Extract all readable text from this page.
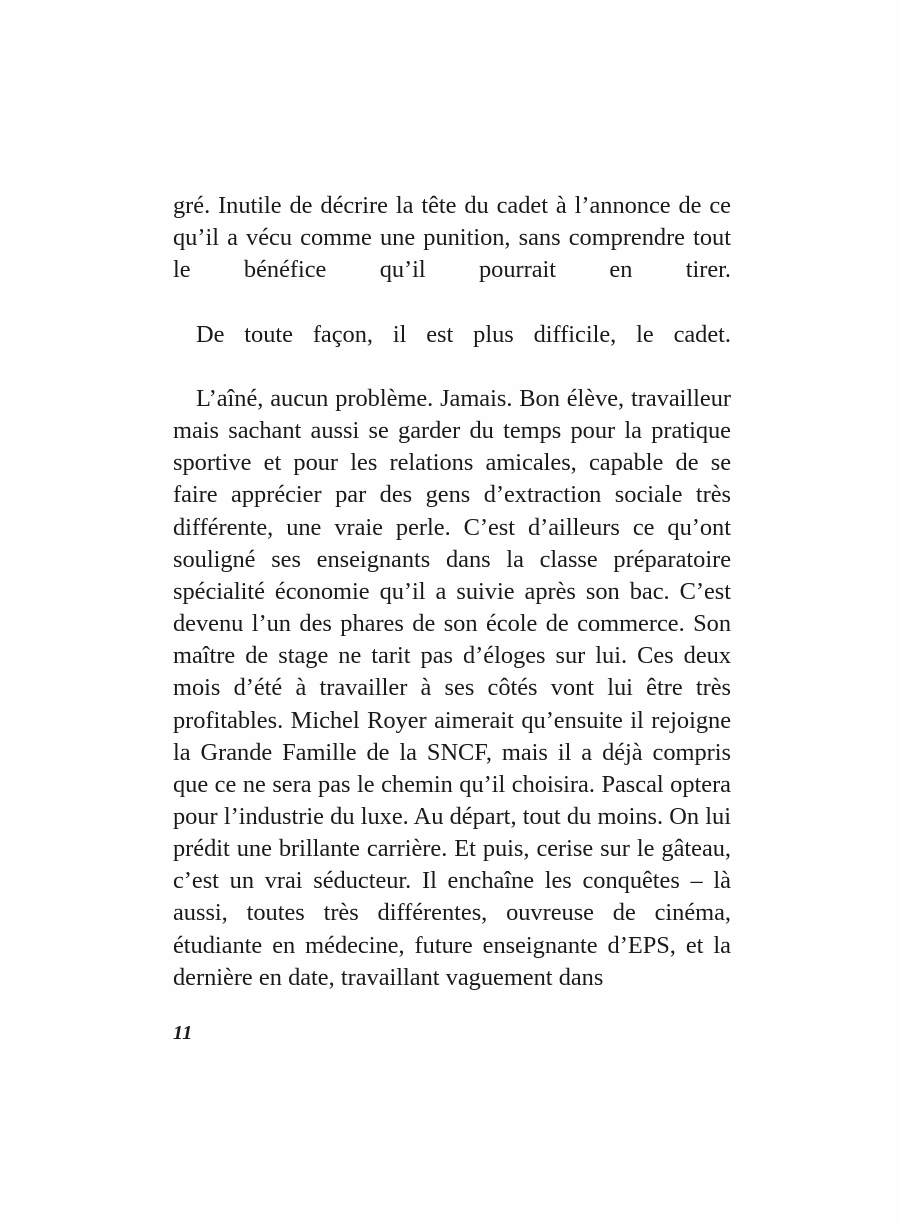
gré. Inutile de décrire la tête du cadet à l’annonce de ce qu’il a vécu comme une punition, sans comprendre tout le bénéfice qu’il pourrait en tirer.

De toute façon, il est plus difficile, le cadet.

L’aîné, aucun problème. Jamais. Bon élève, travailleur mais sachant aussi se garder du temps pour la pratique sportive et pour les relations amicales, capable de se faire apprécier par des gens d’extraction sociale très différente, une vraie perle. C’est d’ailleurs ce qu’ont souligné ses enseignants dans la classe préparatoire spécialité économie qu’il a suivie après son bac. C’est devenu l’un des phares de son école de commerce. Son maître de stage ne tarit pas d’éloges sur lui. Ces deux mois d’été à travailler à ses côtés vont lui être très profitables. Michel Royer aimerait qu’ensuite il rejoigne la Grande Famille de la SNCF, mais il a déjà compris que ce ne sera pas le chemin qu’il choisira. Pascal optera pour l’industrie du luxe. Au départ, tout du moins. On lui prédit une brillante carrière. Et puis, cerise sur le gâteau, c’est un vrai séducteur. Il enchaîne les conquêtes – là aussi, toutes très différentes, ouvreuse de cinéma, étudiante en médecine, future enseignante d’EPS, et la dernière en date, travaillant vaguement dans

11
